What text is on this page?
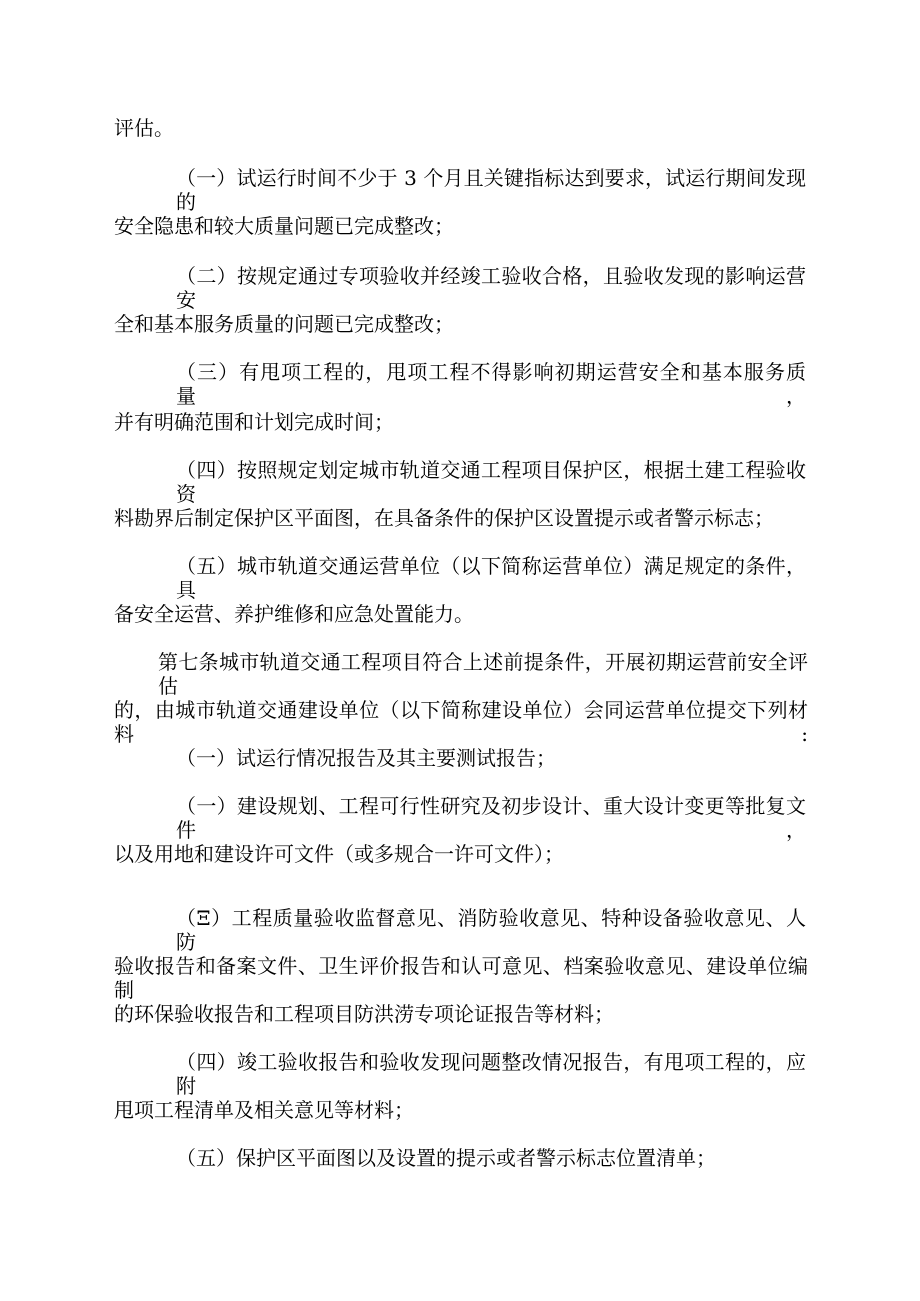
评估。

（一）试运行时间不少于 3 个月且关键指标达到要求，试运行期间发现的

安全隐患和较大质量问题已完成整改；

（二）按规定通过专项验收并经竣工验收合格，且验收发现的影响运营安

全和基本服务质量的问题已完成整改；

（三）有甩项工程的，甩项工程不得影响初期运营安全和基本服务质量，

并有明确范围和计划完成时间；

（四）按照规定划定城市轨道交通工程项目保护区，根据土建工程验收资

料勘界后制定保护区平面图，在具备条件的保护区设置提示或者警示标志；

（五）城市轨道交通运营单位（以下简称运营单位）满足规定的条件，具

备安全运营、养护维修和应急处置能力。

第七条城市轨道交通工程项目符合上述前提条件，开展初期运营前安全评估

的，由城市轨道交通建设单位（以下简称建设单位）会同运营单位提交下列材料:

（一）试运行情况报告及其主要测试报告；

（一）建设规划、工程可行性研究及初步设计、重大设计变更等批复文件，

以及用地和建设许可文件（或多规合一许可文件）；

（Ξ）工程质量验收监督意见、消防验收意见、特种设备验收意见、人防

验收报告和备案文件、卫生评价报告和认可意见、档案验收意见、建设单位编制

的环保验收报告和工程项目防洪涝专项论证报告等材料；

（四）竣工验收报告和验收发现问题整改情况报告，有甩项工程的，应附

甩项工程清单及相关意见等材料；

（五）保护区平面图以及设置的提示或者警示标志位置清单；
